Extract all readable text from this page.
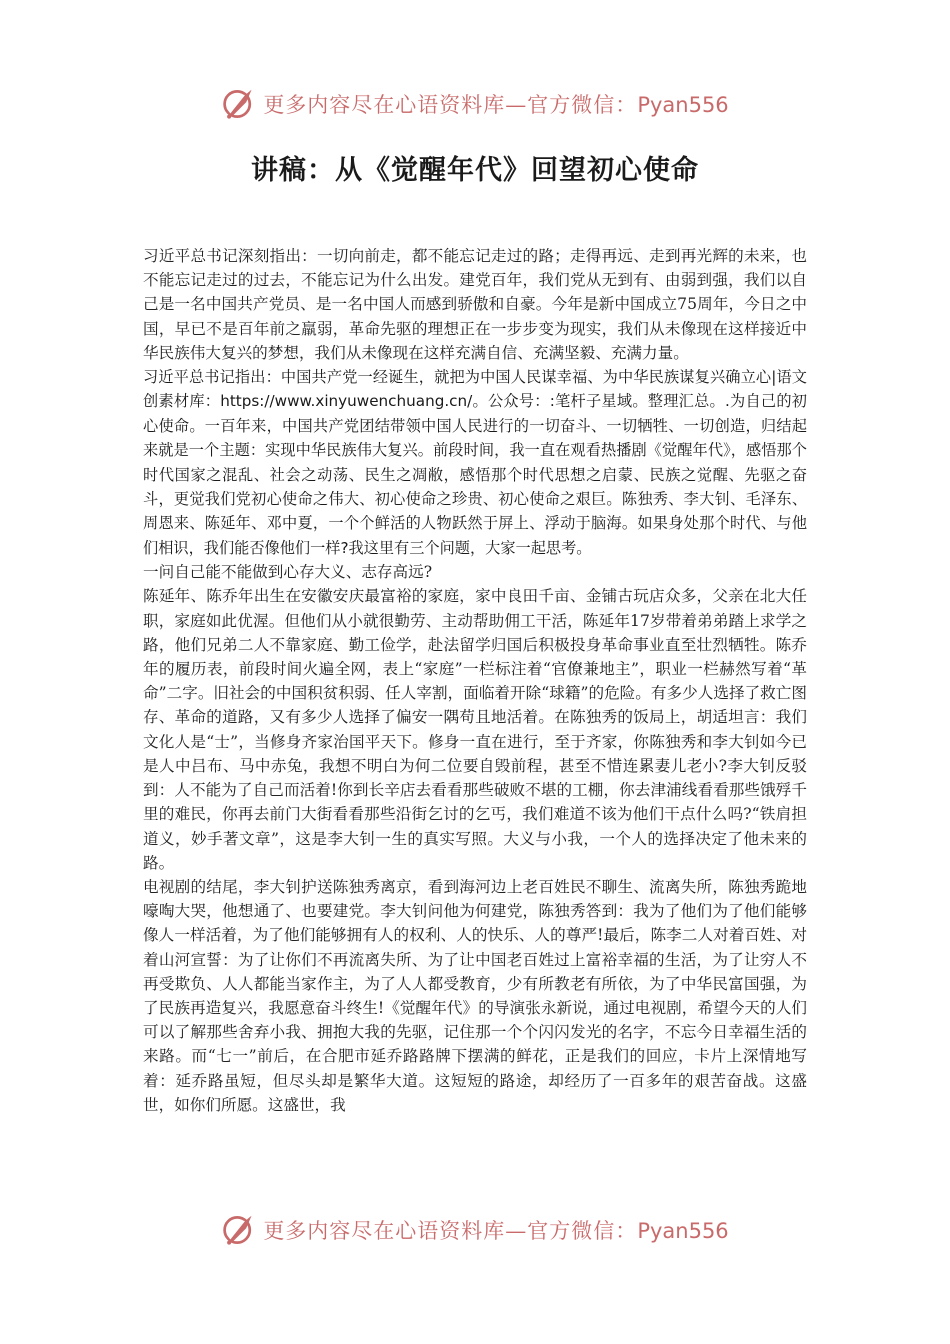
更多内容尽在心语资料库—官方微信：Pyan556
讲稿：从《觉醒年代》回望初心使命

习近平总书记深刻指出：一切向前走，都不能忘记走过的路；走得再远、走到再光辉的未来，也不能忘记走过的过去，不能忘记为什么出发。建党百年，我们党从无到有、由弱到强，我们以自己是一名中国共产党员、是一名中国人而感到骄傲和自豪。今年是新中国成立75周年，今日之中国，早已不是百年前之羸弱，革命先驱的理想正在一步步变为现实，我们从未像现在这样接近中华民族伟大复兴的梦想，我们从未像现在这样充满自信、充满坚毅、充满力量。

习近平总书记指出：中国共产党一经诞生，就把为中国人民谋幸福、为中华民族谋复兴确立心|语文创素材库：https://www.xinyuwenchuang.cn/。公众号：:笔杆子星域。整理汇总。.为自己的初心使命。一百年来，中国共产党团结带领中国人民进行的一切奋斗、一切牺牲、一切创造，归结起来就是一个主题：实现中华民族伟大复兴。前段时间，我一直在观看热播剧《觉醒年代》，感悟那个时代国家之混乱、社会之动荡、民生之凋敝，感悟那个时代思想之启蒙、民族之觉醒、先驱之奋斗，更觉我们党初心使命之伟大、初心使命之珍贵、初心使命之艰巨。陈独秀、李大钊、毛泽东、周恩来、陈延年、邓中夏，一个个鲜活的人物跃然于屏上、浮动于脑海。如果身处那个时代、与他们相识，我们能否像他们一样?我这里有三个问题，大家一起思考。

一问自己能不能做到心存大义、志存高远?

陈延年、陈乔年出生在安徽安庆最富裕的家庭，家中良田千亩、金铺古玩店众多，父亲在北大任职，家庭如此优渥。但他们从小就很勤劳、主动帮助佣工干活，陈延年17岁带着弟弟踏上求学之路，他们兄弟二人不靠家庭、勤工俭学，赴法留学归国后积极投身革命事业直至壮烈牺牲。陈乔年的履历表，前段时间火遍全网，表上“家庭”一栏标注着“官僚兼地主”，职业一栏赫然写着“革命”二字。旧社会的中国积贫积弱、任人宰割，面临着开除“球籍”的危险。有多少人选择了救亡图存、革命的道路，又有多少人选择了偏安一隅苟且地活着。在陈独秀的饭局上，胡适坦言：我们文化人是“士”，当修身齐家治国平天下。修身一直在进行，至于齐家，你陈独秀和李大钊如今已是人中吕布、马中赤兔，我想不明白为何二位要自毁前程，甚至不惜连累妻儿老小?李大钊反驳到：人不能为了自己而活着!你到长辛店去看看那些破败不堪的工棚，你去津浦线看看那些饿殍千里的难民，你再去前门大街看看那些沿街乞讨的乞丐，我们难道不该为他们干点什么吗?“铁肩担道义，妙手著文章”，这是李大钊一生的真实写照。大义与小我，一个人的选择决定了他未来的路。

电视剧的结尾，李大钊护送陈独秀离京，看到海河边上老百姓民不聊生、流离失所，陈独秀跪地嚎啕大哭，他想通了、也要建党。李大钊问他为何建党，陈独秀答到：我为了他们为了他们能够像人一样活着，为了他们能够拥有人的权利、人的快乐、人的尊严!最后，陈李二人对着百姓、对着山河宣誓：为了让你们不再流离失所、为了让中国老百姓过上富裕幸福的生活，为了让穷人不再受欺负、人人都能当家作主，为了人人都受教育，少有所教老有所依，为了中华民富国强，为了民族再造复兴，我愿意奋斗终生!《觉醒年代》的导演张永新说，通过电视剧，希望今天的人们可以了解那些舍弃小我、拥抱大我的先驱，记住那一个个闪闪发光的名字，不忘今日幸福生活的来路。而“七一”前后，在合肥市延乔路路牌下摆满的鲜花，正是我们的回应，卡片上深情地写着：延乔路虽短，但尽头却是繁华大道。这短短的路途，却经历了一百多年的艰苦奋战。这盛世，如你们所愿。这盛世，我

更多内容尽在心语资料库—官方微信：Pyan556
